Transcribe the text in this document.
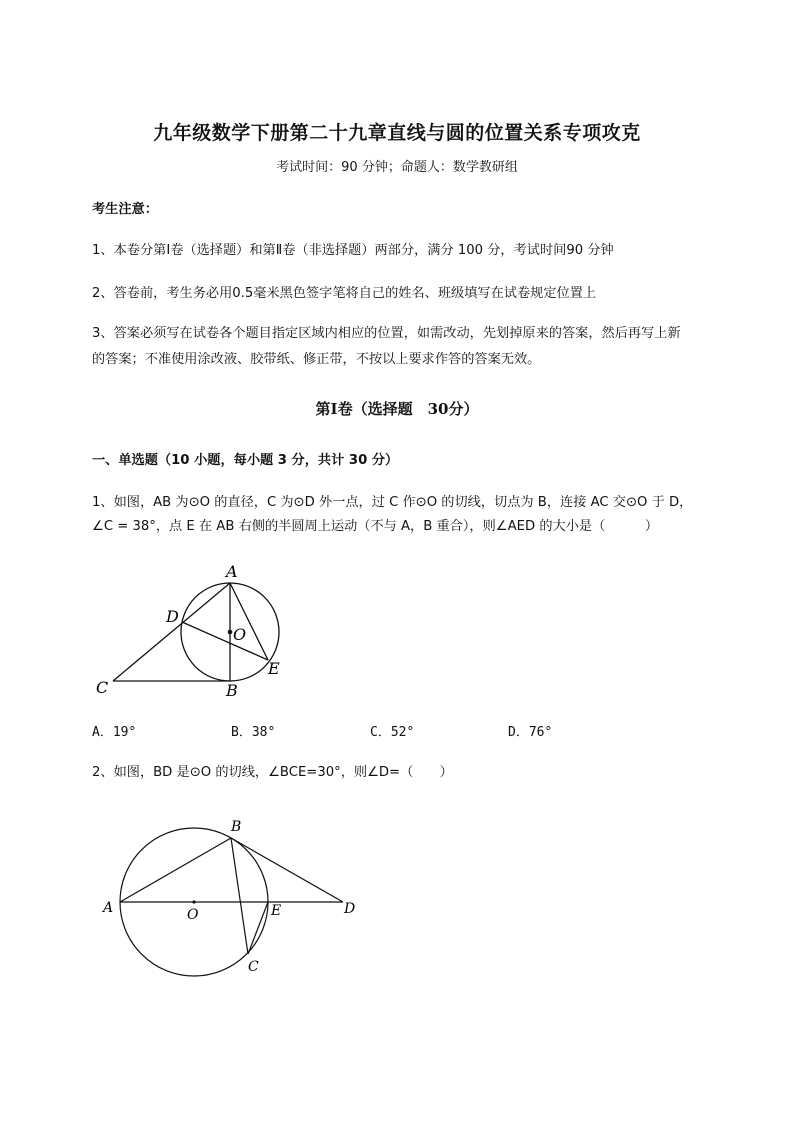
九年级数学下册第二十九章直线与圆的位置关系专项攻克
考试时间：90 分钟；命题人：数学教研组
考生注意：
1、本卷分第Ⅰ卷（选择题）和第Ⅱ卷（非选择题）两部分，满分 100 分，考试时间90 分钟
2、答卷前，考生务必用0.5毫米黑色签字笔将自己的姓名、班级填写在试卷规定位置上
3、答案必须写在试卷各个题目指定区域内相应的位置，如需改动，先划掉原来的答案，然后再写上新
的答案；不准使用涂改液、胶带纸、修正带，不按以上要求作答的答案无效。
第Ⅰ卷（选择题　30分）
一、单选题（10 小题，每小题 3 分，共计 30 分）
1、如图，AB 为⊙O 的直径，C 为⊙D 外一点，过 C 作⊙O 的切线，切点为 B，连接 AC 交⊙O 于 D，
∠C = 38°，点 E 在 AB 右侧的半圆周上运动（不与 A，B 重合），则∠AED 的大小是（　　　）
A
D
O
E
C	B
A．19°	B．38°	C．52°	D．76°
2、如图，BD 是⊙O 的切线，∠BCE=30°，则∠D=（　　）
A
B
O	E	D
C
